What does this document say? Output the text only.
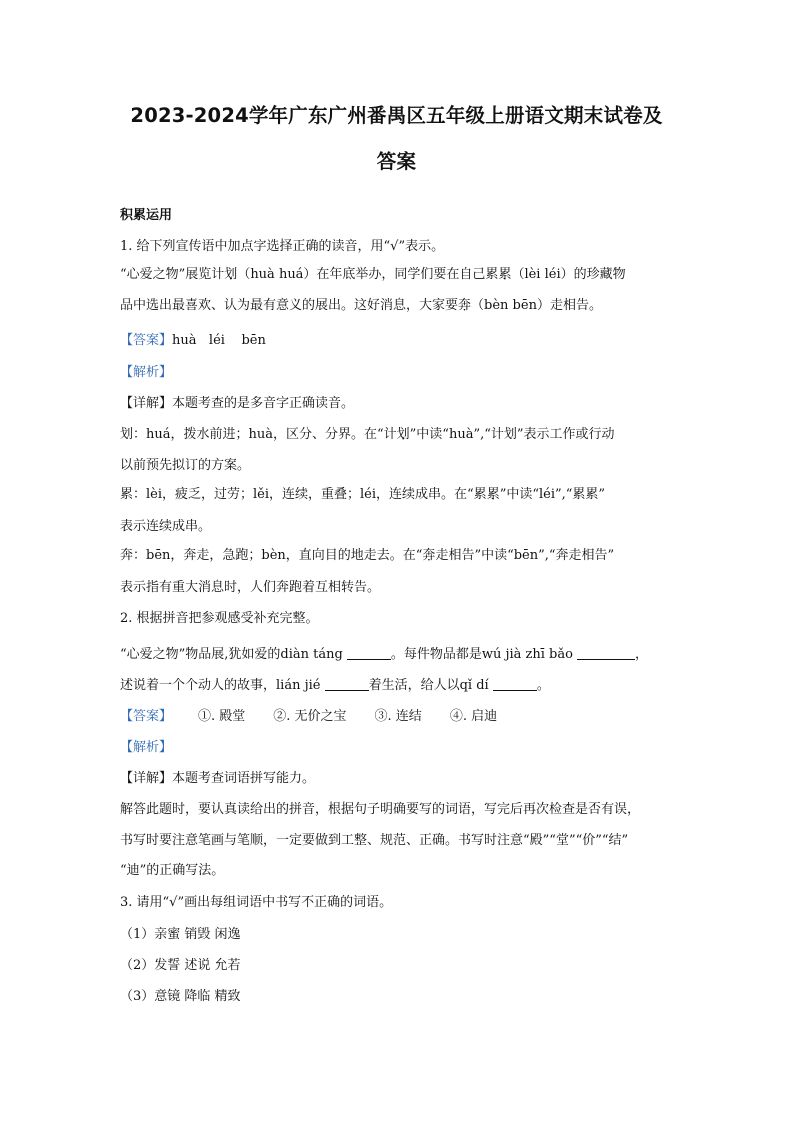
2023-2024学年广东广州番禺区五年级上册语文期末试卷及
答案
积累运用
1. 给下列宣传语中加点字选择正确的读音，用“√”表示。
“心爱之物”展览计划 ·（huà huá）在年底举办，同学们要在自己累累 ·（lèi léi）的珍藏物
品中选出最喜欢、认为最有意义的展出。这好消息，大家要奔 ·（bèn bēn）走相告。
【答案】huà   léi    bēn
【解析】
【详解】本题考查的是多音字正确读音。
划：huá，拨水前进；huà，区分、分界。在“计划 ·”中读“huà”,“计划”表示工作或行动
以前预先拟订的方案。
累：lèi，疲乏，过劳；lěi，连续，重叠；léi，连续成串。在“累累 ·”中读“léi”,“累累”
表示连续成串。
奔：bēn，奔走，急跑；bèn，直向目的地走去。在“奔 ·走相告”中读“bēn”,“奔走相告”
表示指有重大消息时，人们奔跑着互相转告。
2. 根据拼音把参观感受补充完整。
“心爱之物”物品展,犹如爱的diàn táng	。每件物品都是wú jià zhī bǎo	，
述说着一个个动人的故事，lián jié	着生活，给人以qǐ dí	。
【答案】 ①. 殿堂 ②. 无价之宝 ③. 连结 ④. 启迪
【解析】
【详解】本题考查词语拼写能力。
解答此题时，要认真读给出的拼音，根据句子明确要写的词语，写完后再次检查是否有误，
书写时要注意笔画与笔顺，一定要做到工整、规范、正确。书写时注意“殿”“堂”“价”“结”
“迪”的正确写法。
3. 请用“√”画出每组词语中书写不正确的词语。
（1）亲蜜 销毁 闲逸
（2）发誓 述说 允若
（3）意镜 降临 精致
